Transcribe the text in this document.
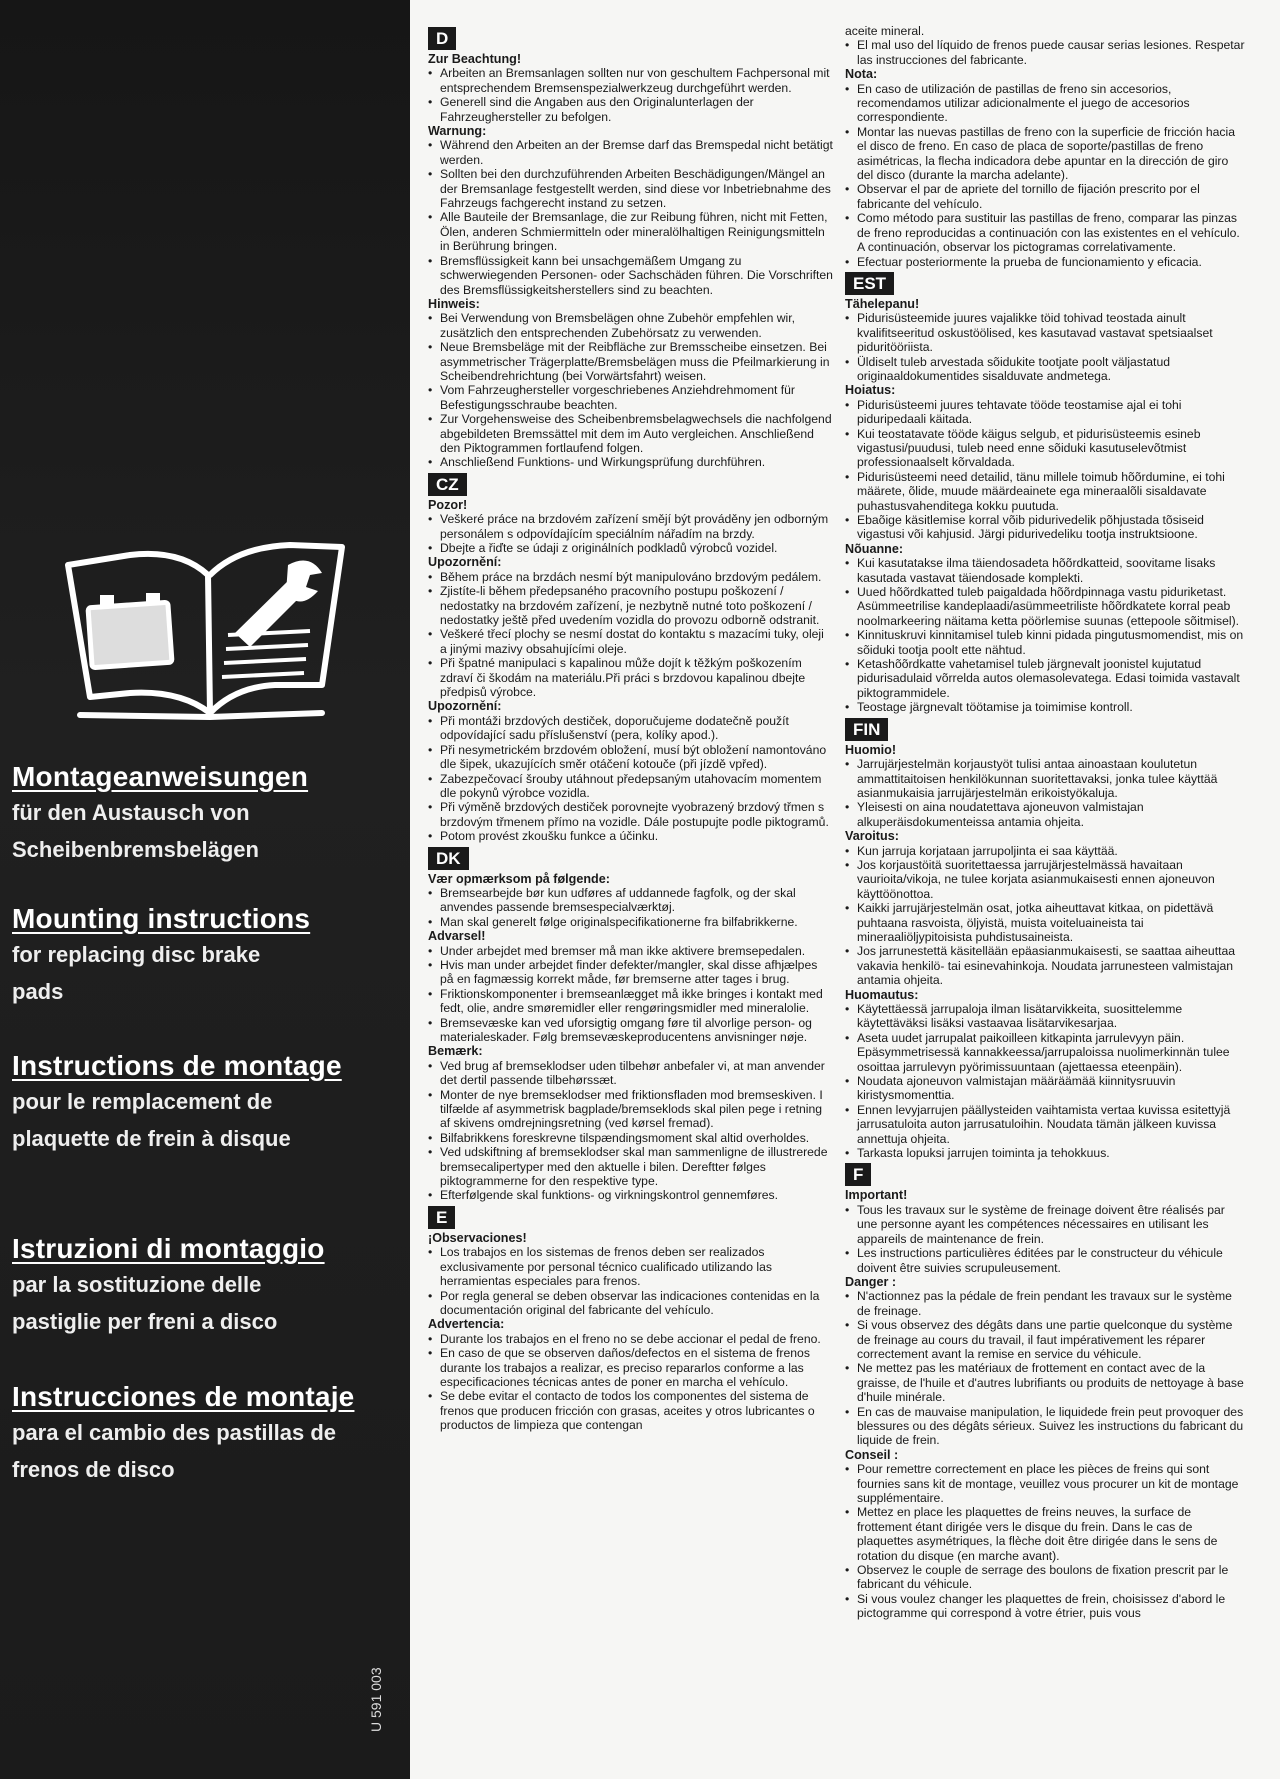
Montageanweisungen
für den Austausch von
Scheibenbremsbelägen
Mounting instructions
for replacing disc brake
pads
Instructions de montage
pour le remplacement de
plaquette de frein à disque
Istruzioni di montaggio
par la sostituzione delle
pastiglie per freni a disco
Instrucciones de montaje
para el cambio des pastillas de
frenos de disco
U 591 003
D
Zur Beachtung!
• Arbeiten an Bremsanlagen sollten nur von geschultem Fachpersonal mit entsprechendem Bremsenspezialwerkzeug durchgeführt werden.
• Generell sind die Angaben aus den Originalunterlagen der Fahrzeughersteller zu befolgen.
Warnung:
• Während den Arbeiten an der Bremse darf das Bremspedal nicht betätigt werden.
• Sollten bei den durchzuführenden Arbeiten Beschädigungen/Mängel an der Bremsanlage festgestellt werden, sind diese vor Inbetriebnahme des Fahrzeugs fachgerecht instand zu setzen.
• Alle Bauteile der Bremsanlage, die zur Reibung führen, nicht mit Fetten, Ölen, anderen Schmiermitteln oder mineralölhaltigen Reinigungsmitteln in Berührung bringen.
• Bremsflüssigkeit kann bei unsachgemäßem Umgang zu schwerwiegenden Personen- oder Sachschäden führen. Die Vorschriften des Bremsflüssigkeitsherstellers sind zu beachten.
Hinweis:
• Bei Verwendung von Bremsbelägen ohne Zubehör empfehlen wir, zusätzlich den entsprechenden Zubehörsatz zu verwenden.
• Neue Bremsbeläge mit der Reibfläche zur Bremsscheibe einsetzen. Bei asymmetrischer Trägerplatte/Bremsbelägen muss die Pfeilmarkierung in Scheibendrehrichtung (bei Vorwärtsfahrt) weisen.
• Vom Fahrzeughersteller vorgeschriebenes Anziehdrehmoment für Befestigungsschraube beachten.
• Zur Vorgehensweise des Scheibenbremsbelagwechsels die nachfolgend abgebildeten Bremssättel mit dem im Auto vergleichen. Anschließend den Piktogrammen fortlaufend folgen.
• Anschließend Funktions- und Wirkungsprüfung durchführen.
CZ
Pozor!
• Veškeré práce na brzdovém zařízení smějí být prováděny jen odborným personálem s odpovídajícím speciálním nářadím na brzdy.
• Dbejte a řiďte se údaji z originálních podkladů výrobců vozidel.
Upozornění:
• Během práce na brzdách nesmí být manipulováno brzdovým pedálem.
• Zjistíte-li během předepsaného pracovního postupu poškození / nedostatky na brzdovém zařízení, je nezbytně nutné toto poškození / nedostatky ještě před uvedením vozidla do provozu odborně odstranit.
• Veškeré třecí plochy se nesmí dostat do kontaktu s mazacími tuky, oleji a jinými mazivy obsahujícími oleje.
• Při špatné manipulaci s kapalinou může dojít k těžkým poškozením zdraví či škodám na materiálu.Při práci s brzdovou kapalinou dbejte předpisů výrobce.
Upozornění:
• Při montáži brzdových destiček, doporučujeme dodatečně použít odpovídající sadu příslušenství (pera, kolíky apod.).
• Při nesymetrickém brzdovém obložení, musí být obložení namontováno dle šipek, ukazujících směr otáčení kotouče (při jízdě vpřed).
• Zabezpečovací šrouby utáhnout předepsaným utahovacím momentem dle pokynů výrobce vozidla.
• Při výměně brzdových destiček porovnejte vyobrazený brzdový třmen s brzdovým třmenem přímo na vozidle. Dále postupujte podle piktogramů.
• Potom provést zkoušku funkce a účinku.
DK
Vær opmærksom på følgende:
• Bremsearbejde bør kun udføres af uddannede fagfolk, og der skal anvendes passende bremsespecialværktøj.
• Man skal generelt følge originalspecifikationerne fra bilfabrikkerne.
Advarsel!
• Under arbejdet med bremser må man ikke aktivere bremsepedalen.
• Hvis man under arbejdet finder defekter/mangler, skal disse afhjælpes på en fagmæssig korrekt måde, før bremserne atter tages i brug.
• Friktionskomponenter i bremseanlægget må ikke bringes i kontakt med fedt, olie, andre smøremidler eller rengøringsmidler med mineralolie.
• Bremsevæske kan ved uforsigtig omgang føre til alvorlige person- og materialeskader. Følg bremsevæskeproducentens anvisninger nøje.
Bemærk:
• Ved brug af bremseklodser uden tilbehør anbefaler vi, at man anvender det dertil passende tilbehørssæt.
• Monter de nye bremseklodser med friktionsfladen mod bremseskiven. I tilfælde af asymmetrisk bagplade/bremseklods skal pilen pege i retning af skivens omdrejningsretning (ved kørsel fremad).
• Bilfabrikkens foreskrevne tilspændingsmoment skal altid overholdes.
• Ved udskiftning af bremseklodser skal man sammenligne de illustrerede bremsecalipertyper med den aktuelle i bilen. Dereftter følges piktogrammerne for den respektive type.
• Efterfølgende skal funktions- og virkningskontrol gennemføres.
E
¡Observaciones!
• Los trabajos en los sistemas de frenos deben ser realizados exclusivamente por personal técnico cualificado utilizando las herramientas especiales para frenos.
• Por regla general se deben observar las indicaciones contenidas en la documentación original del fabricante del vehículo.
Advertencia:
• Durante los trabajos en el freno no se debe accionar el pedal de freno.
• En caso de que se observen daños/defectos en el sistema de frenos durante los trabajos a realizar, es preciso repararlos conforme a las especificaciones técnicas antes de poner en marcha el vehículo.
• Se debe evitar el contacto de todos los componentes del sistema de frenos que producen fricción con grasas, aceites y otros lubricantes o productos de limpieza que contengan

aceite mineral.

• El mal uso del líquido de frenos puede causar serias lesiones. Respetar las instrucciones del fabricante.
Nota:
• En caso de utilización de pastillas de freno sin accesorios, recomendamos utilizar adicionalmente el juego de accesorios correspondiente.
• Montar las nuevas pastillas de freno con la superficie de fricción hacia el disco de freno. En caso de placa de soporte/pastillas de freno asimétricas, la flecha indicadora debe apuntar en la dirección de giro del disco (durante la marcha adelante).
• Observar el par de apriete del tornillo de fijación prescrito por el fabricante del vehículo.
• Como método para sustituir las pastillas de freno, comparar las pinzas de freno reproducidas a continuación con las existentes en el vehículo. A continuación, observar los pictogramas correlativamente.
• Efectuar posteriormente la prueba de funcionamiento y eficacia.
EST
Tähelepanu!
• Pidurisüsteemide juures vajalikke töid tohivad teostada ainult kvalifitseeritud oskustöölised, kes kasutavad vastavat spetsiaalset piduritööriista.
• Üldiselt tuleb arvestada sõidukite tootjate poolt väljastatud originaaldokumentides sisalduvate andmetega.
Hoiatus:
• Pidurisüsteemi juures tehtavate tööde teostamise ajal ei tohi piduripedaali käitada.
• Kui teostatavate tööde käigus selgub, et pidurisüsteemis esineb vigastusi/puudusi, tuleb need enne sõiduki kasutuselevõtmist professionaalselt kõrvaldada.
• Pidurisüsteemi need detailid, tänu millele toimub hõõrdumine, ei tohi määrete, õlide, muude määrdeainete ega mineraalõli sisaldavate puhastusvahenditega kokku puutuda.
• Ebaõige käsitlemise korral võib pidurivedelik põhjustada tõsiseid vigastusi või kahjusid. Järgi pidurivedeliku tootja instruktsioone.
Nõuanne:
• Kui kasutatakse ilma täiendosadeta hõõrdkatteid, soovitame lisaks kasutada vastavat täiendosade komplekti.
• Uued hõõrdkatted tuleb paigaldada hõõrdpinnaga vastu piduriketast. Asümmeetrilise kandeplaadi/asümmeetriliste hõõrdkatete korral peab noolmarkeering näitama ketta pöörlemise suunas (ettepoole sõitmisel).
• Kinnituskruvi kinnitamisel tuleb kinni pidada pingutusmomendist, mis on sõiduki tootja poolt ette nähtud.
• Ketashõõrdkatte vahetamisel tuleb järgnevalt joonistel kujutatud pidurisadulaid võrrelda autos olemasolevatega. Edasi toimida vastavalt piktogrammidele.
• Teostage järgnevalt töötamise ja toimimise kontroll.
FIN
Huomio!
• Jarrujärjestelmän korjaustyöt tulisi antaa ainoastaan koulutetun ammattitaitoisen henkilökunnan suoritettavaksi, jonka tulee käyttää asianmukaisia jarrujärjestelmän erikoistyökaluja.
• Yleisesti on aina noudatettava ajoneuvon valmistajan alkuperäisdokumenteissa antamia ohjeita.
Varoitus:
• Kun jarruja korjataan jarrupoljinta ei saa käyttää.
• Jos korjaustöitä suoritettaessa jarrujärjestelmässä havaitaan vaurioita/vikoja, ne tulee korjata asianmukaisesti ennen ajoneuvon käyttöönottoa.
• Kaikki jarrujärjestelmän osat, jotka aiheuttavat kitkaa, on pidettävä puhtaana rasvoista, öljyistä, muista voiteluaineista tai mineraaliöljypitoisista puhdistusaineista.
• Jos jarrunestettä käsitellään epäasianmukaisesti, se saattaa aiheuttaa vakavia henkilö- tai esinevahinkoja. Noudata jarrunesteen valmistajan antamia ohjeita.
Huomautus:
• Käytettäessä jarrupaloja ilman lisätarvikkeita, suosittelemme käytettäväksi lisäksi vastaavaa lisätarvikesarjaa.
• Aseta uudet jarrupalat paikoilleen kitkapinta jarrulevyyn päin. Epäsymmetrisessä kannakkeessa/jarrupaloissa nuolimerkinnän tulee osoittaa jarrulevyn pyörimissuuntaan (ajettaessa eteenpäin).
• Noudata ajoneuvon valmistajan määräämää kiinnitysruuvin kiristysmomenttia.
• Ennen levyjarrujen päällysteiden vaihtamista vertaa kuvissa esitettyjä jarrusatuloita auton jarrusatuloihin. Noudata tämän jälkeen kuvissa annettuja ohjeita.
• Tarkasta lopuksi jarrujen toiminta ja tehokkuus.
F
Important!
• Tous les travaux sur le système de freinage doivent être réalisés par une personne ayant les compétences nécessaires en utilisant les appareils de maintenance de frein.
• Les instructions particulières éditées par le constructeur du véhicule doivent être suivies scrupuleusement.
Danger :
• N'actionnez pas la pédale de frein pendant les travaux sur le système de freinage.
• Si vous observez des dégâts dans une partie quelconque du système de freinage au cours du travail, il faut impérativement les réparer correctement avant la remise en service du véhicule.
• Ne mettez pas les matériaux de frottement en contact avec de la graisse, de l'huile et d'autres lubrifiants ou produits de nettoyage à base d'huile minérale.
• En cas de mauvaise manipulation, le liquidede frein peut provoquer des blessures ou des dégâts sérieux. Suivez les instructions du fabricant du liquide de frein.
Conseil :
• Pour remettre correctement en place les pièces de freins qui sont fournies sans kit de montage, veuillez vous procurer un kit de montage supplémentaire.
• Mettez en place les plaquettes de freins neuves, la surface de frottement étant dirigée vers le disque du frein. Dans le cas de plaquettes asymétriques, la flèche doit être dirigée dans le sens de rotation du disque (en marche avant).
• Observez le couple de serrage des boulons de fixation prescrit par le fabricant du véhicule.
• Si vous voulez changer les plaquettes de frein, choisissez d'abord le pictogramme qui correspond à votre étrier, puis vous
